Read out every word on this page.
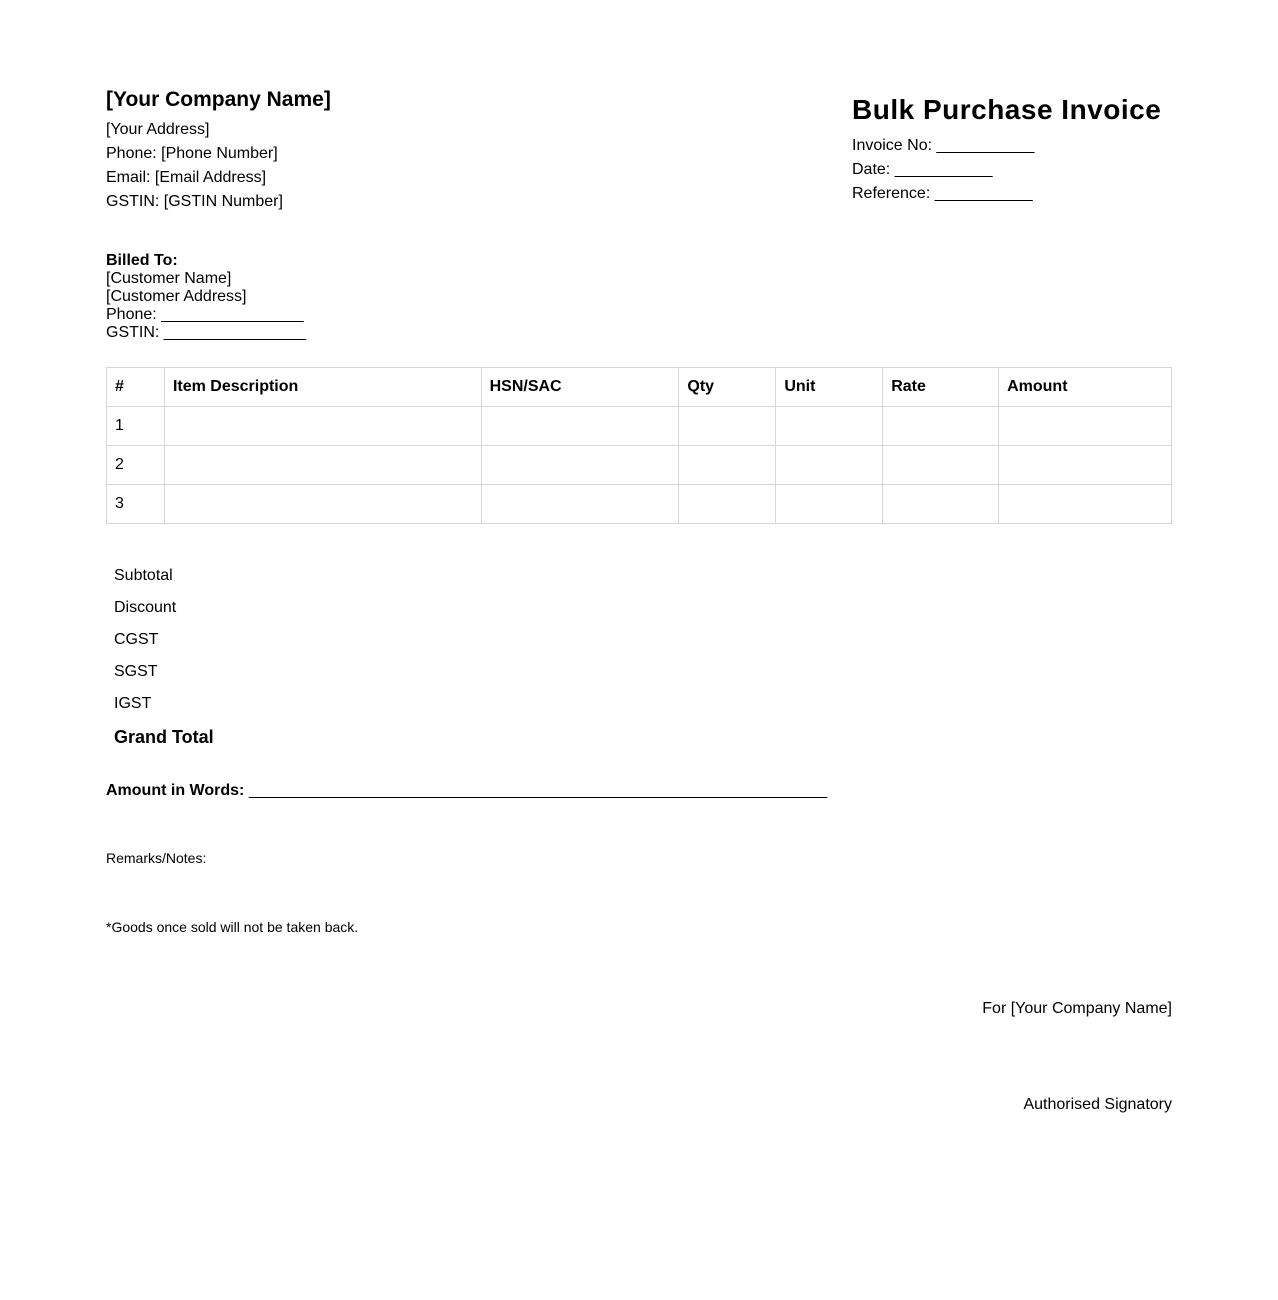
[Your Company Name]
[Your Address]
Phone: [Phone Number]
Email: [Email Address]
GSTIN: [GSTIN Number]
Bulk Purchase Invoice
Invoice No: ___________
Date: ___________
Reference: ___________
Billed To:
[Customer Name]
[Customer Address]
Phone: ________________
GSTIN: ________________
#	Item Description	HSN/SAC	Qty	Unit	Rate	Amount
1						
2						
3						
Subtotal
Discount
CGST
SGST
IGST
Grand Total
Amount in Words: _________________________________________________________________
Remarks/Notes:
*Goods once sold will not be taken back.
For [Your Company Name]
Authorised Signatory
